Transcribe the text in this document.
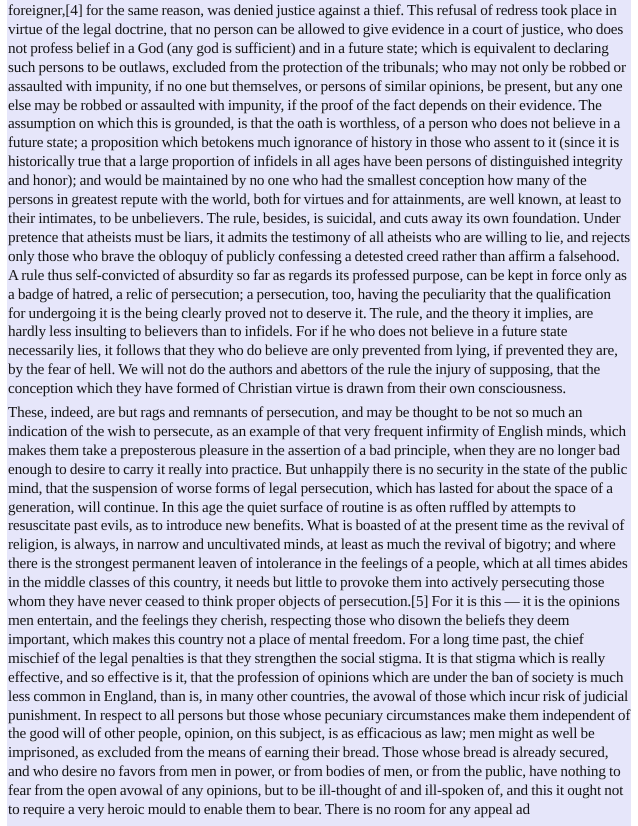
foreigner,[4] for the same reason, was denied justice against a thief. This refusal of redress took place in virtue of the legal doctrine, that no person can be allowed to give evidence in a court of justice, who does not profess belief in a God (any god is sufficient) and in a future state; which is equivalent to declaring such persons to be outlaws, excluded from the protection of the tribunals; who may not only be robbed or assaulted with impunity, if no one but themselves, or persons of similar opinions, be present, but any one else may be robbed or assaulted with impunity, if the proof of the fact depends on their evidence. The assumption on which this is grounded, is that the oath is worthless, of a person who does not believe in a future state; a proposition which betokens much ignorance of history in those who assent to it (since it is historically true that a large proportion of infidels in all ages have been persons of distinguished integrity and honor); and would be maintained by no one who had the smallest conception how many of the persons in greatest repute with the world, both for virtues and for attainments, are well known, at least to their intimates, to be unbelievers. The rule, besides, is suicidal, and cuts away its own foundation. Under pretence that atheists must be liars, it admits the testimony of all atheists who are willing to lie, and rejects only those who brave the obloquy of publicly confessing a detested creed rather than affirm a falsehood. A rule thus self-convicted of absurdity so far as regards its professed purpose, can be kept in force only as a badge of hatred, a relic of persecution; a persecution, too, having the peculiarity that the qualification for undergoing it is the being clearly proved not to deserve it. The rule, and the theory it implies, are hardly less insulting to believers than to infidels. For if he who does not believe in a future state necessarily lies, it follows that they who do believe are only prevented from lying, if prevented they are, by the fear of hell. We will not do the authors and abettors of the rule the injury of supposing, that the conception which they have formed of Christian virtue is drawn from their own consciousness.

These, indeed, are but rags and remnants of persecution, and may be thought to be not so much an indication of the wish to persecute, as an example of that very frequent infirmity of English minds, which makes them take a preposterous pleasure in the assertion of a bad principle, when they are no longer bad enough to desire to carry it really into practice. But unhappily there is no security in the state of the public mind, that the suspension of worse forms of legal persecution, which has lasted for about the space of a generation, will continue. In this age the quiet surface of routine is as often ruffled by attempts to resuscitate past evils, as to introduce new benefits. What is boasted of at the present time as the revival of religion, is always, in narrow and uncultivated minds, at least as much the revival of bigotry; and where there is the strongest permanent leaven of intolerance in the feelings of a people, which at all times abides in the middle classes of this country, it needs but little to provoke them into actively persecuting those whom they have never ceased to think proper objects of persecution.[5] For it is this — it is the opinions men entertain, and the feelings they cherish, respecting those who disown the beliefs they deem important, which makes this country not a place of mental freedom. For a long time past, the chief mischief of the legal penalties is that they strengthen the social stigma. It is that stigma which is really effective, and so effective is it, that the profession of opinions which are under the ban of society is much less common in England, than is, in many other countries, the avowal of those which incur risk of judicial punishment. In respect to all persons but those whose pecuniary circumstances make them independent of the good will of other people, opinion, on this subject, is as efficacious as law; men might as well be imprisoned, as excluded from the means of earning their bread. Those whose bread is already secured, and who desire no favors from men in power, or from bodies of men, or from the public, have nothing to fear from the open avowal of any opinions, but to be ill-thought of and ill-spoken of, and this it ought not to require a very heroic mould to enable them to bear. There is no room for any appeal ad
